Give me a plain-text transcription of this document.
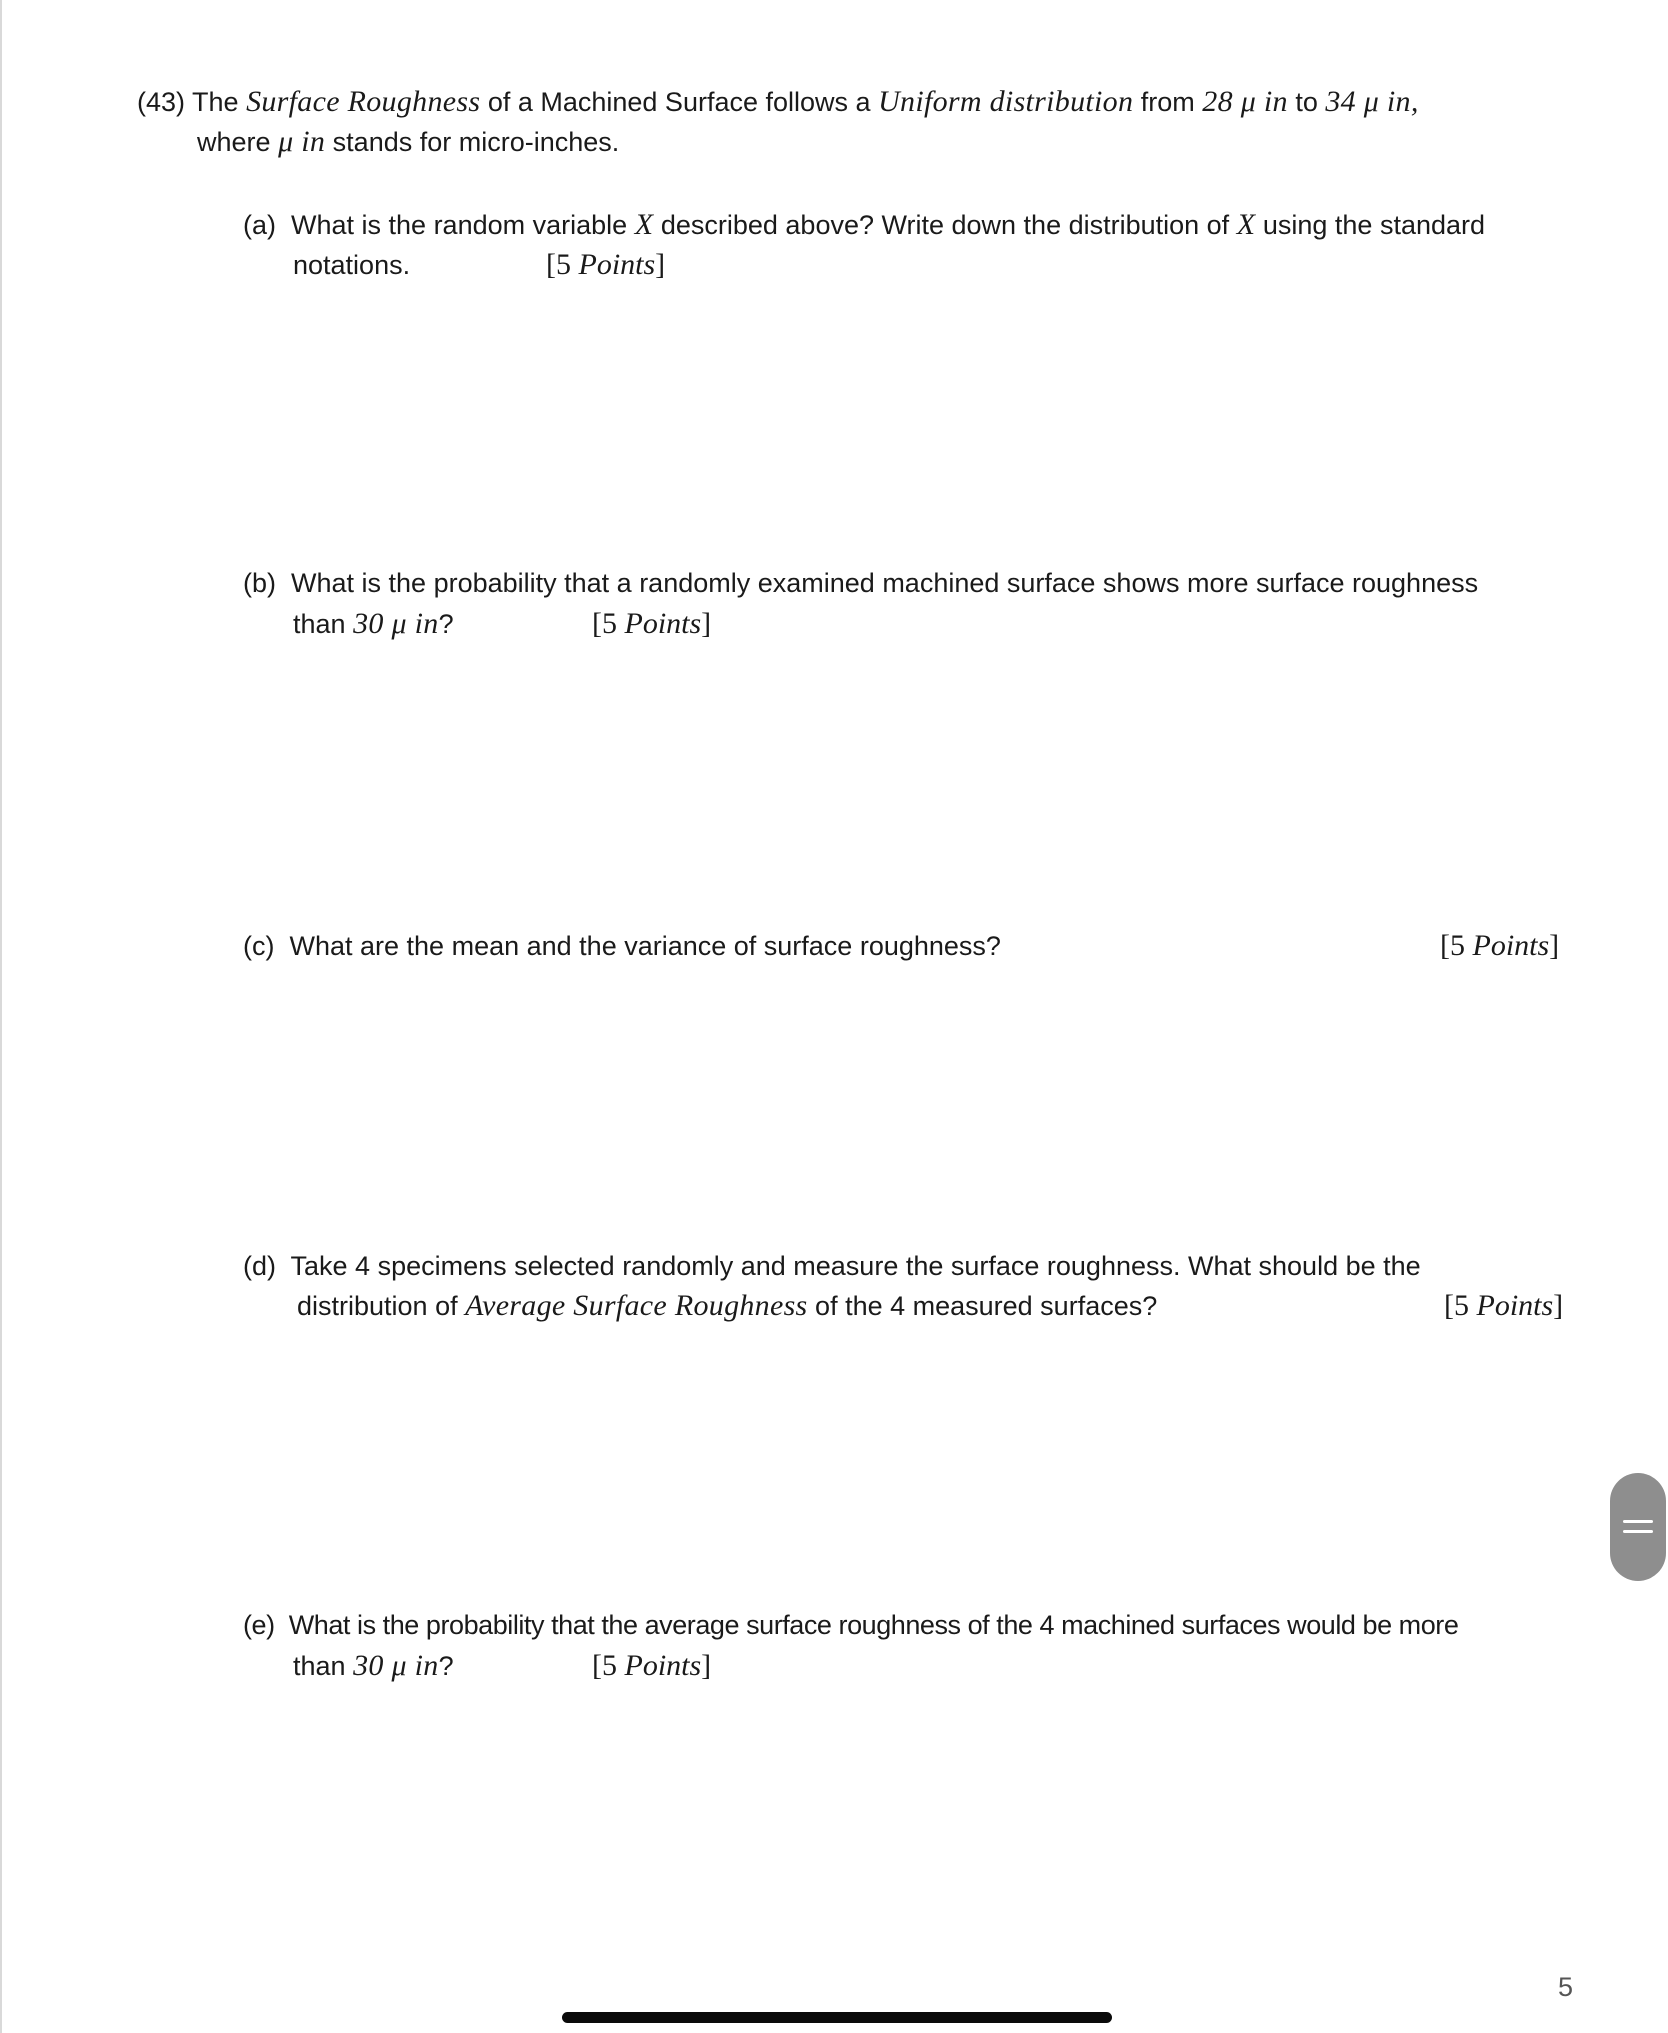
(43) The Surface Roughness of a Machined Surface follows a Uniform distribution from 28 μ in to 34 μ in,
where μ in stands for micro-inches.
(a) What is the random variable X described above? Write down the distribution of X using the standard
notations.	[5 Points]
(b) What is the probability that a randomly examined machined surface shows more surface roughness
than 30 μ in?	[5 Points]
(c) What are the mean and the variance of surface roughness?	[5 Points]
(d) Take 4 specimens selected randomly and measure the surface roughness. What should be the
distribution of Average Surface Roughness of the 4 measured surfaces?	[5 Points]
(e) What is the probability that the average surface roughness of the 4 machined surfaces would be more
than 30 μ in?	[5 Points]
5
